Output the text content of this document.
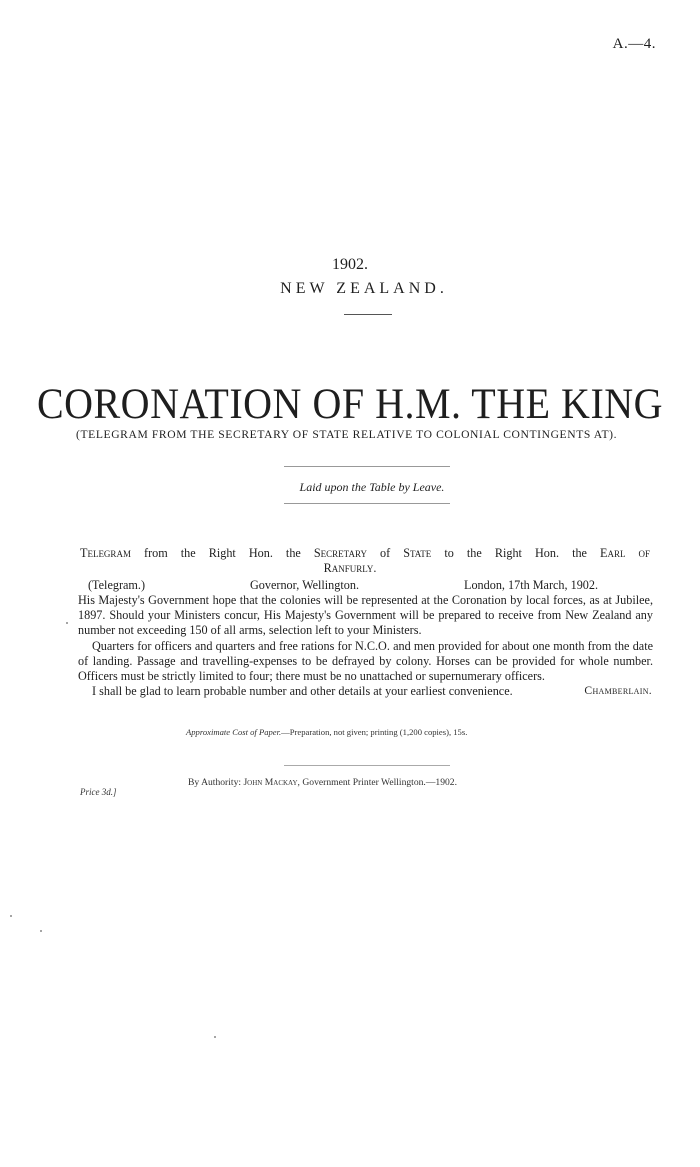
A.—4.
1902.
NEW ZEALAND.
CORONATION OF H.M. THE KING
(TELEGRAM FROM THE SECRETARY OF STATE RELATIVE TO COLONIAL CONTINGENTS AT).
Laid upon the Table by Leave.
Telegram from the Right Hon. the Secretary of State to the Right Hon. the Earl of
Ranfurly.
(Telegram.)	Governor, Wellington.	London, 17th March, 1902.

His Majesty's Government hope that the colonies will be represented at the Coronation by local forces, as at Jubilee, 1897. Should your Ministers concur, His Majesty's Government will be prepared to receive from New Zealand any number not exceeding 150 of all arms, selection left to your Ministers.

Quarters for officers and quarters and free rations for N.C.O. and men provided for about one month from the date of landing. Passage and travelling-expenses to be defrayed by colony. Horses can be provided for whole number. Officers must be strictly limited to four; there must be no unattached or supernumerary officers.

I shall be glad to learn probable number and other details at your earliest convenience.	Chamberlain.
Approximate Cost of Paper.—Preparation, not given; printing (1,200 copies), 15s.
By Authority: John Mackay, Government Printer Wellington.—1902.
Price 3d.]
